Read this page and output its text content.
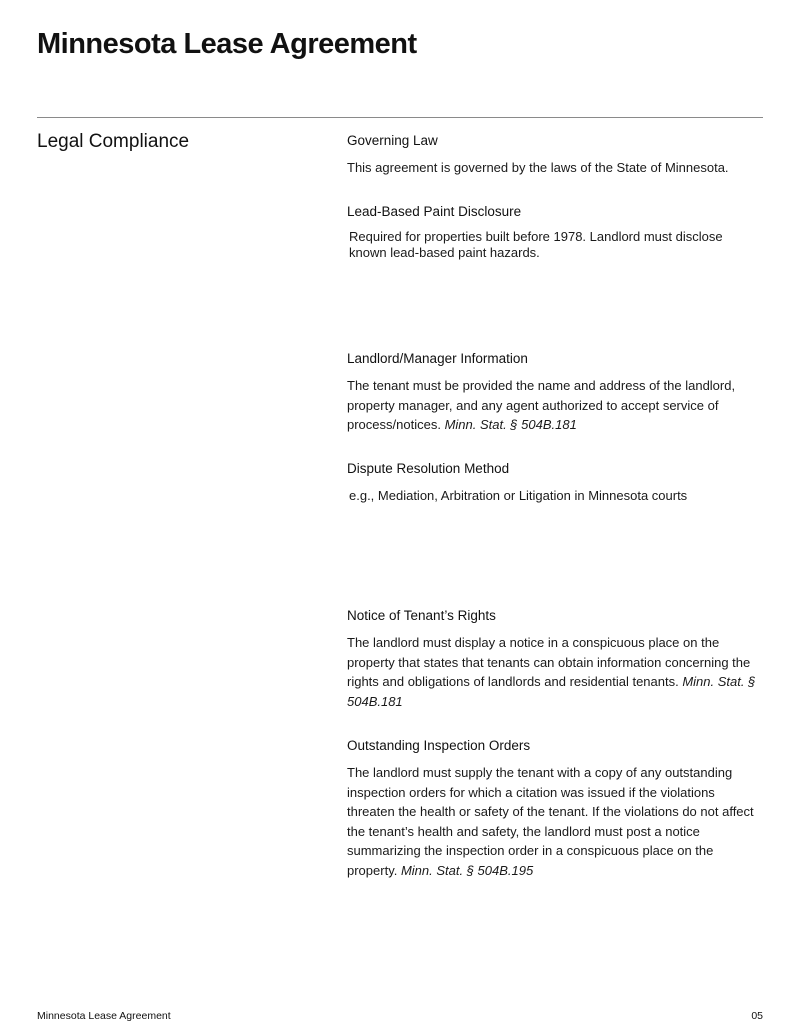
Minnesota Lease Agreement
Legal Compliance	Governing Law

This agreement is governed by the laws of the State of Minnesota.

Lead-Based Paint Disclosure

Required for properties built before 1978. Landlord must disclose known lead-based paint hazards.

Landlord/Manager Information

The tenant must be provided the name and address of the landlord, property manager, and any agent authorized to accept service of process/notices. Minn. Stat. § 504B.181

Dispute Resolution Method

e.g., Mediation, Arbitration or Litigation in Minnesota courts

Notice of Tenant’s Rights

The landlord must display a notice in a conspicuous place on the property that states that tenants can obtain information concerning the rights and obligations of landlords and residential tenants. Minn. Stat. § 504B.181

Outstanding Inspection Orders

The landlord must supply the tenant with a copy of any outstanding inspection orders for which a citation was issued if the violations threaten the health or safety of the tenant. If the violations do not affect the tenant’s health and safety, the landlord must post a notice summarizing the inspection order in a conspicuous place on the property. Minn. Stat. § 504B.195

Minnesota Lease Agreement	05
